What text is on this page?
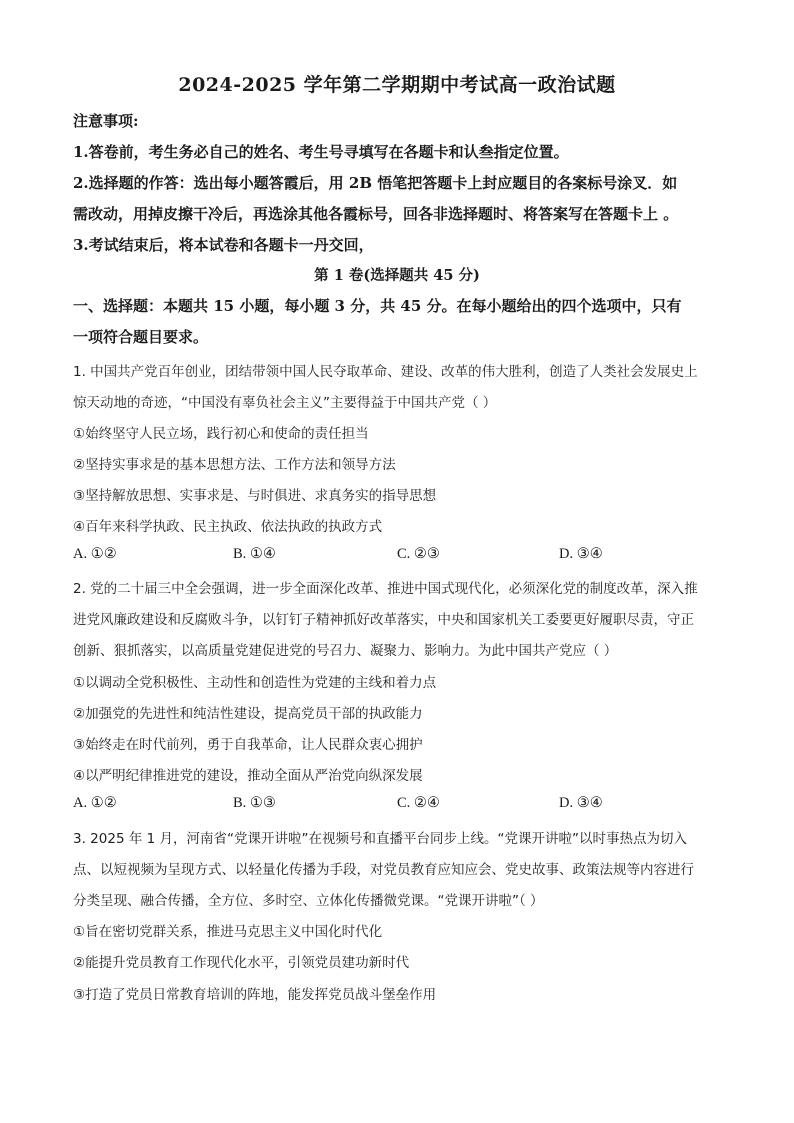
2024-2025 学年第二学期期中考试高一政治试题
注意事项:
1.答卷前，考生务必自己的姓名、考生号寻填写在各题卡和认叁指定位置。
2.选择题的作答：选出每小题答霞后，用 2B 悟笔把答题卡上封应题目的各案标号涂叉．如
需改动，用掉皮擦干冷后，再选涂其他各霞标号，回各非选择题时、将答案写在答题卡上 。
3.考试结束后，将本试卷和各题卡一丹交回，
第 1 卷(选择题共 45 分)
一、选择题：本题共 15 小题，每小题 3 分，共 45 分。在每小题给出的四个选项中，只有
一项符合题目要求。
1. 中国共产党百年创业，团结带领中国人民夺取革命、建设、改革的伟大胜利，创造了人类社会发展史上
惊天动地的奇迹，“中国没有辜负社会主义”主要得益于中国共产党（ ）
①始终坚守人民立场，践行初心和使命的责任担当
②坚持实事求是的基本思想方法、工作方法和领导方法
③坚持解放思想、实事求是、与时俱进、求真务实的指导思想
④百年来科学执政、民主执政、依法执政的执政方式
A. ①②	B. ①④	C. ②③	D. ③④
2. 党的二十届三中全会强调，进一步全面深化改革、推进中国式现代化，必须深化党的制度改革，深入推
进党风廉政建设和反腐败斗争，以钉钉子精神抓好改革落实，中央和国家机关工委要更好履职尽责，守正
创新、狠抓落实，以高质量党建促进党的号召力、凝聚力、影响力。为此中国共产党应（ ）
①以调动全党积极性、主动性和创造性为党建的主线和着力点
②加强党的先进性和纯洁性建设，提高党员干部的执政能力
③始终走在时代前列，勇于自我革命，让人民群众衷心拥护
④以严明纪律推进党的建设，推动全面从严治党向纵深发展
A. ①②	B. ①③	C. ②④	D. ③④
3. 2025 年 1 月，河南省“党课开讲啦”在视频号和直播平台同步上线。“党课开讲啦”以时事热点为切入
点、以短视频为呈现方式、以轻量化传播为手段，对党员教育应知应会、党史故事、政策法规等内容进行
分类呈现、融合传播，全方位、多时空、立体化传播微党课。“党课开讲啦”（ ）
①旨在密切党群关系，推进马克思主义中国化时代化
②能提升党员教育工作现代化水平，引领党员建功新时代
③打造了党员日常教育培训的阵地，能发挥党员战斗堡垒作用
